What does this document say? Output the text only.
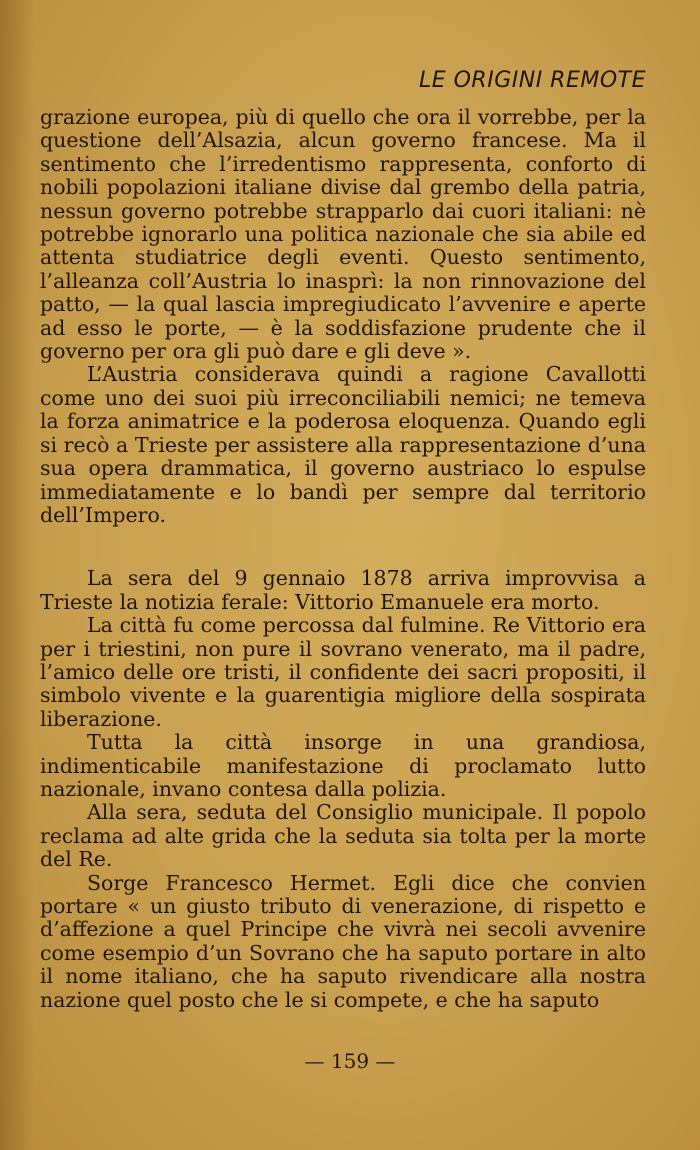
LE ORIGINI REMOTE

grazione europea, più di quello che ora il vorrebbe, per la questione dell’Alsazia, alcun governo francese. Ma il sentimento che l’irredentismo rappresenta, conforto di nobili popolazioni italiane divise dal grembo della patria, nessun governo potrebbe strapparlo dai cuori italiani: nè potrebbe ignorarlo una politica nazionale che sia abile ed attenta studiatrice degli eventi. Questo sentimento, l’alleanza coll’Austria lo inasprì: la non rinnovazione del patto, — la qual lascia impregiudicato l’avvenire e aperte ad esso le porte, — è la soddisfazione prudente che il governo per ora gli può dare e gli deve ».

L’Austria considerava quindi a ragione Cavallotti come uno dei suoi più irreconciliabili nemici; ne temeva la forza animatrice e la poderosa eloquenza. Quando egli si recò a Trieste per assistere alla rappresentazione d’una sua opera drammatica, il governo austriaco lo espulse immediatamente e lo bandì per sempre dal territorio dell’Impero.

La sera del 9 gennaio 1878 arriva improvvisa a Trieste la notizia ferale: Vittorio Emanuele era morto.

La città fu come percossa dal fulmine. Re Vittorio era per i triestini, non pure il sovrano venerato, ma il padre, l’amico delle ore tristi, il confidente dei sacri propositi, il simbolo vivente e la guarentigia migliore della sospirata liberazione.

Tutta la città insorge in una grandiosa, indimenticabile manifestazione di proclamato lutto nazionale, invano contesa dalla polizia.

Alla sera, seduta del Consiglio municipale. Il popolo reclama ad alte grida che la seduta sia tolta per la morte del Re.

Sorge Francesco Hermet. Egli dice che convien portare « un giusto tributo di venerazione, di rispetto e d’affezione a quel Principe che vivrà nei secoli avvenire come esempio d’un Sovrano che ha saputo portare in alto il nome italiano, che ha saputo rivendicare alla nostra nazione quel posto che le si compete, e che ha saputo

— 159 —
